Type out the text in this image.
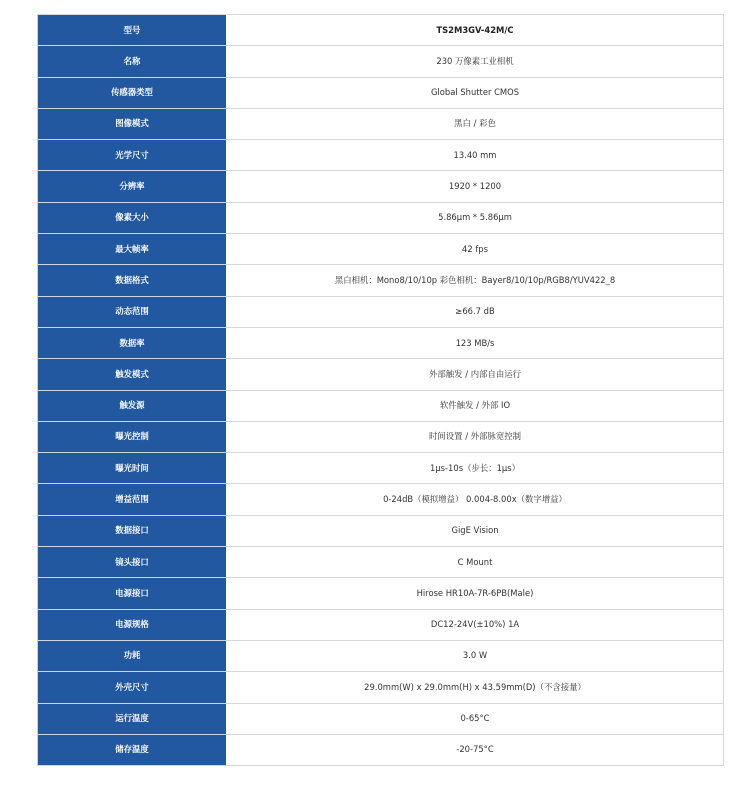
型号	TS2M3GV-42M/C
名称	230 万像素工业相机
传感器类型	Global Shutter CMOS
图像模式	黑白 / 彩色
光学尺寸	13.40 mm
分辨率	1920 * 1200
像素大小	5.86μm * 5.86μm
最大帧率	42 fps
数据格式	黑白相机：Mono8/10/10p 彩色相机：Bayer8/10/10p/RGB8/YUV422_8
动态范围	≥66.7 dB
数据率	123 MB/s
触发模式	外部触发 / 内部自由运行
触发源	软件触发 / 外部 IO
曝光控制	时间设置 / 外部脉宽控制
曝光时间	1μs-10s（步长：1μs）
增益范围	0-24dB（模拟增益） 0.004-8.00x（数字增益）
数据接口	GigE Vision
镜头接口	C Mount
电源接口	Hirose HR10A-7R-6PB(Male)
电源规格	DC12-24V(±10%) 1A
功耗	3.0 W
外壳尺寸	29.0mm(W) x 29.0mm(H) x 43.59mm(D)（不含接量）
运行温度	0-65°C
储存温度	-20-75°C
